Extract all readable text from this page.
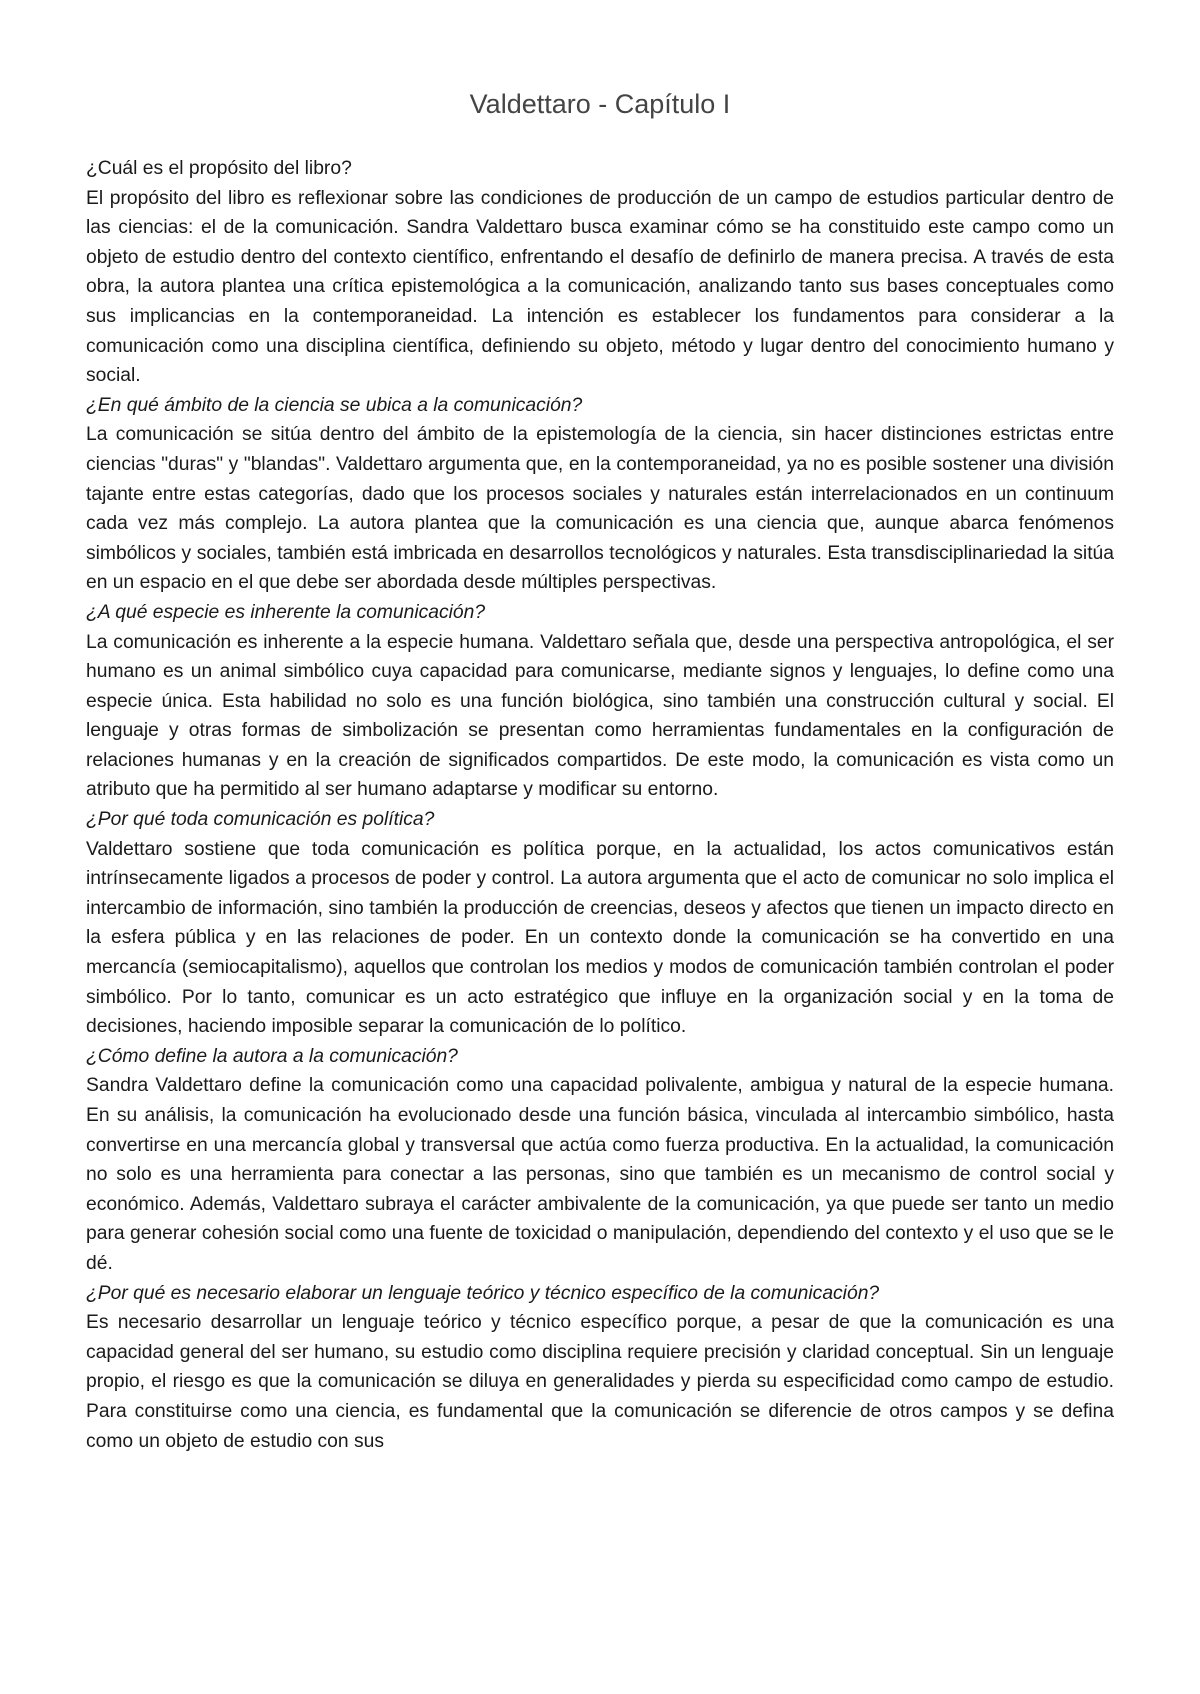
Valdettaro - Capítulo I

¿Cuál es el propósito del libro?

El propósito del libro es reflexionar sobre las condiciones de producción de un campo de estudios particular dentro de las ciencias: el de la comunicación. Sandra Valdettaro busca examinar cómo se ha constituido este campo como un objeto de estudio dentro del contexto científico, enfrentando el desafío de definirlo de manera precisa. A través de esta obra, la autora plantea una crítica epistemológica a la comunicación, analizando tanto sus bases conceptuales como sus implicancias en la contemporaneidad. La intención es establecer los fundamentos para considerar a la comunicación como una disciplina científica, definiendo su objeto, método y lugar dentro del conocimiento humano y social.

¿En qué ámbito de la ciencia se ubica a la comunicación?

La comunicación se sitúa dentro del ámbito de la epistemología de la ciencia, sin hacer distinciones estrictas entre ciencias "duras" y "blandas". Valdettaro argumenta que, en la contemporaneidad, ya no es posible sostener una división tajante entre estas categorías, dado que los procesos sociales y naturales están interrelacionados en un continuum cada vez más complejo. La autora plantea que la comunicación es una ciencia que, aunque abarca fenómenos simbólicos y sociales, también está imbricada en desarrollos tecnológicos y naturales. Esta transdisciplinariedad la sitúa en un espacio en el que debe ser abordada desde múltiples perspectivas.

¿A qué especie es inherente la comunicación?

La comunicación es inherente a la especie humana. Valdettaro señala que, desde una perspectiva antropológica, el ser humano es un animal simbólico cuya capacidad para comunicarse, mediante signos y lenguajes, lo define como una especie única. Esta habilidad no solo es una función biológica, sino también una construcción cultural y social. El lenguaje y otras formas de simbolización se presentan como herramientas fundamentales en la configuración de relaciones humanas y en la creación de significados compartidos. De este modo, la comunicación es vista como un atributo que ha permitido al ser humano adaptarse y modificar su entorno.

¿Por qué toda comunicación es política?

Valdettaro sostiene que toda comunicación es política porque, en la actualidad, los actos comunicativos están intrínsecamente ligados a procesos de poder y control. La autora argumenta que el acto de comunicar no solo implica el intercambio de información, sino también la producción de creencias, deseos y afectos que tienen un impacto directo en la esfera pública y en las relaciones de poder. En un contexto donde la comunicación se ha convertido en una mercancía (semiocapitalismo), aquellos que controlan los medios y modos de comunicación también controlan el poder simbólico. Por lo tanto, comunicar es un acto estratégico que influye en la organización social y en la toma de decisiones, haciendo imposible separar la comunicación de lo político.

¿Cómo define la autora a la comunicación?

Sandra Valdettaro define la comunicación como una capacidad polivalente, ambigua y natural de la especie humana. En su análisis, la comunicación ha evolucionado desde una función básica, vinculada al intercambio simbólico, hasta convertirse en una mercancía global y transversal que actúa como fuerza productiva. En la actualidad, la comunicación no solo es una herramienta para conectar a las personas, sino que también es un mecanismo de control social y económico. Además, Valdettaro subraya el carácter ambivalente de la comunicación, ya que puede ser tanto un medio para generar cohesión social como una fuente de toxicidad o manipulación, dependiendo del contexto y el uso que se le dé.

¿Por qué es necesario elaborar un lenguaje teórico y técnico específico de la comunicación?

Es necesario desarrollar un lenguaje teórico y técnico específico porque, a pesar de que la comunicación es una capacidad general del ser humano, su estudio como disciplina requiere precisión y claridad conceptual. Sin un lenguaje propio, el riesgo es que la comunicación se diluya en generalidades y pierda su especificidad como campo de estudio. Para constituirse como una ciencia, es fundamental que la comunicación se diferencie de otros campos y se defina como un objeto de estudio con sus
